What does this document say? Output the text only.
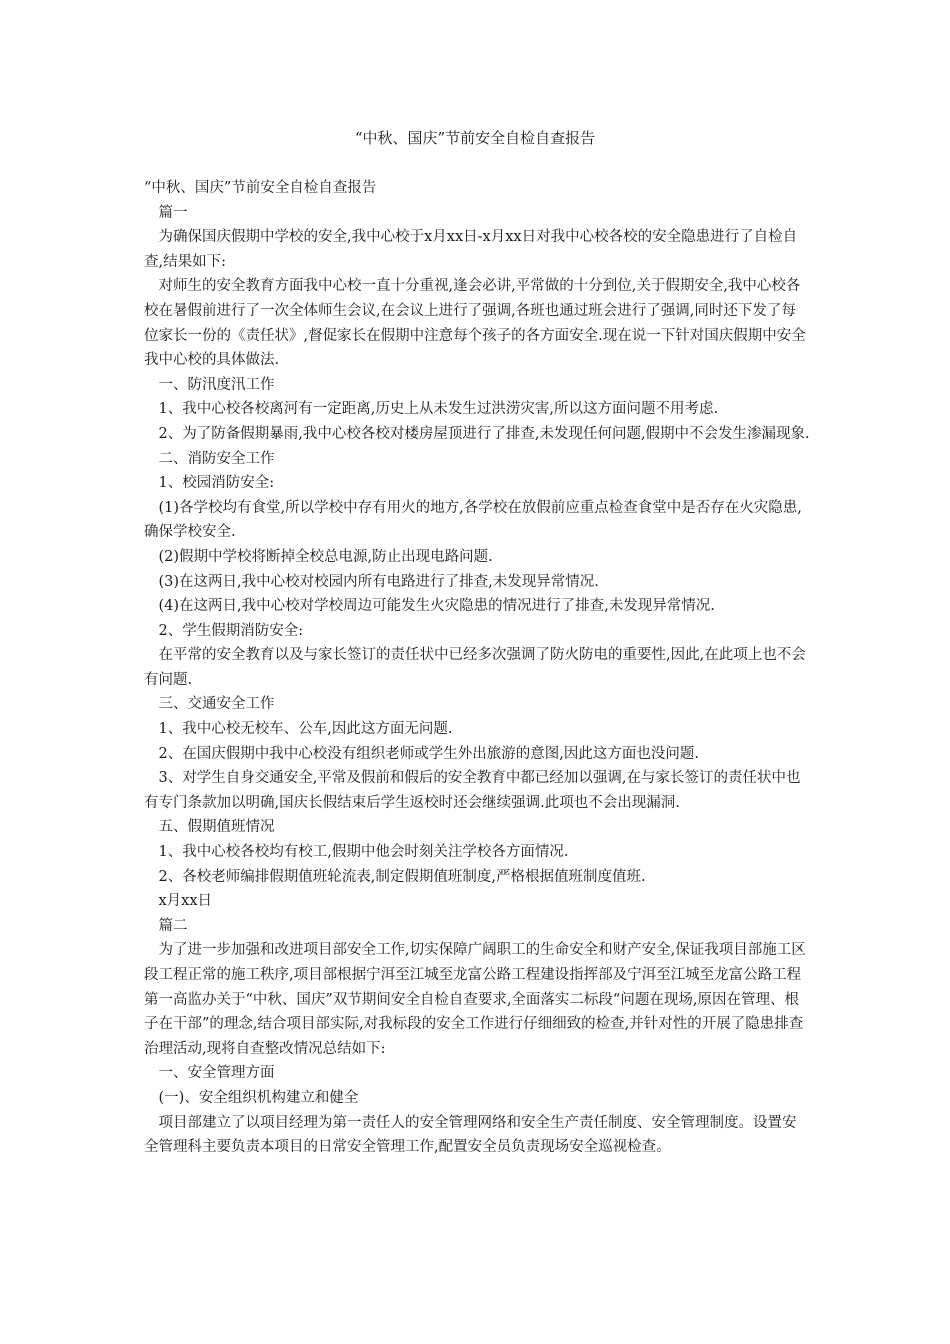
“中秋、国庆”节前安全自检自查报告

“中秋、国庆”节前安全自检自查报告

篇一

为确保国庆假期中学校的安全,我中心校于x月xx日-x月xx日对我中心校各校的安全隐患进行了自检自查,结果如下:

对师生的安全教育方面我中心校一直十分重视,逢会必讲,平常做的十分到位,关于假期安全,我中心校各校在暑假前进行了一次全体师生会议,在会议上进行了强调,各班也通过班会进行了强调,同时还下发了每位家长一份的《责任状》,督促家长在假期中注意每个孩子的各方面安全.现在说一下针对国庆假期中安全我中心校的具体做法.

一、防汛度汛工作

1、我中心校各校离河有一定距离,历史上从未发生过洪涝灾害,所以这方面问题不用考虑.

2、为了防备假期暴雨,我中心校各校对楼房屋顶进行了排查,未发现任何问题,假期中不会发生渗漏现象.

二、消防安全工作

1、校园消防安全:

(1)各学校均有食堂,所以学校中存有用火的地方,各学校在放假前应重点检查食堂中是否存在火灾隐患,确保学校安全.

(2)假期中学校将断掉全校总电源,防止出现电路问题.

(3)在这两日,我中心校对校园内所有电路进行了排查,未发现异常情况.

(4)在这两日,我中心校对学校周边可能发生火灾隐患的情况进行了排查,未发现异常情况.

2、学生假期消防安全:

在平常的安全教育以及与家长签订的责任状中已经多次强调了防火防电的重要性,因此,在此项上也不会有问题.

三、交通安全工作

1、我中心校无校车、公车,因此这方面无问题.

2、在国庆假期中我中心校没有组织老师或学生外出旅游的意图,因此这方面也没问题.

3、对学生自身交通安全,平常及假前和假后的安全教育中都已经加以强调,在与家长签订的责任状中也有专门条款加以明确,国庆长假结束后学生返校时还会继续强调.此项也不会出现漏洞.

五、假期值班情况

1、我中心校各校均有校工,假期中他会时刻关注学校各方面情况.

2、各校老师编排假期值班轮流表,制定假期值班制度,严格根据值班制度值班.

x月xx日

篇二

为了进一步加强和改进项目部安全工作,切实保障广阔职工的生命安全和财产安全,保证我项目部施工区段工程正常的施工秩序,项目部根据宁洱至江城至龙富公路工程建设指挥部及宁洱至江城至龙富公路工程第一高监办关于“中秋、国庆”双节期间安全自检自查要求,全面落实二标段“问题在现场,原因在管理、根子在干部”的理念,结合项目部实际,对我标段的安全工作进行仔细细致的检查,并针对性的开展了隐患排查治理活动,现将自查整改情况总结如下:

一、安全管理方面

(一)、安全组织机构建立和健全

项目部建立了以项目经理为第一责任人的安全管理网络和安全生产责任制度、安全管理制度。设置安全管理科主要负责本项目的日常安全管理工作,配置安全员负责现场安全巡视检查。
